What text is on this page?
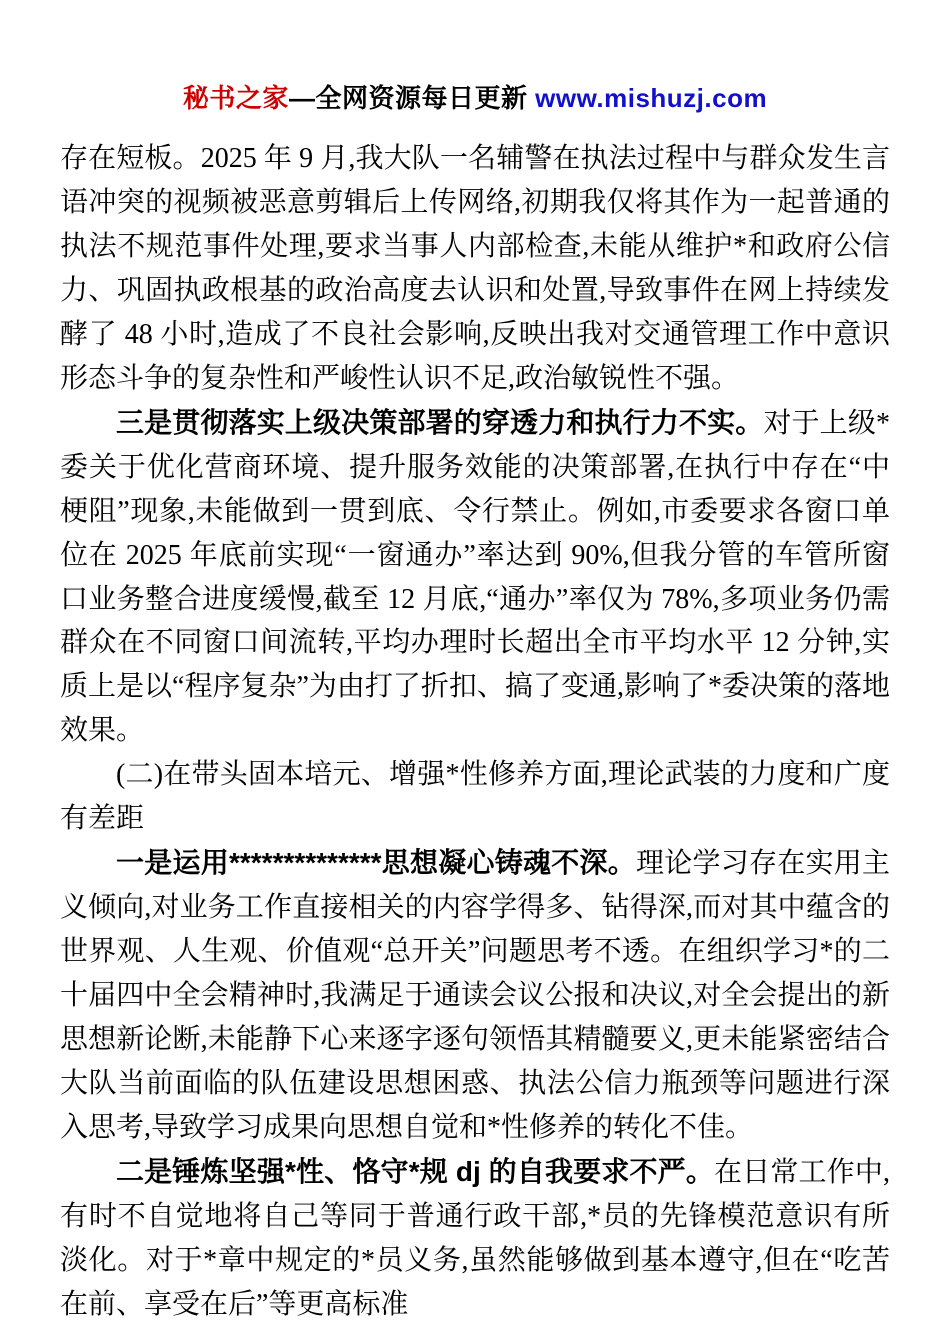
秘书之家—全网资源每日更新 www.mishuzj.com

存在短板。2025 年 9 月,我大队一名辅警在执法过程中与群众发生言语冲突的视频被恶意剪辑后上传网络,初期我仅将其作为一起普通的执法不规范事件处理,要求当事人内部检查,未能从维护*和政府公信力、巩固执政根基的政治高度去认识和处置,导致事件在网上持续发酵了 48 小时,造成了不良社会影响,反映出我对交通管理工作中意识形态斗争的复杂性和严峻性认识不足,政治敏锐性不强。

三是贯彻落实上级决策部署的穿透力和执行力不实。对于上级*委关于优化营商环境、提升服务效能的决策部署,在执行中存在“中梗阻”现象,未能做到一贯到底、令行禁止。例如,市委要求各窗口单位在 2025 年底前实现“一窗通办”率达到 90%,但我分管的车管所窗口业务整合进度缓慢,截至 12 月底,“通办”率仅为 78%,多项业务仍需群众在不同窗口间流转,平均办理时长超出全市平均水平 12 分钟,实质上是以“程序复杂”为由打了折扣、搞了变通,影响了*委决策的落地效果。

(二)在带头固本培元、增强*性修养方面,理论武装的力度和广度有差距

一是运用**************思想凝心铸魂不深。理论学习存在实用主义倾向,对业务工作直接相关的内容学得多、钻得深,而对其中蕴含的世界观、人生观、价值观“总开关”问题思考不透。在组织学习*的二十届四中全会精神时,我满足于通读会议公报和决议,对全会提出的新思想新论断,未能静下心来逐字逐句领悟其精髓要义,更未能紧密结合大队当前面临的队伍建设思想困惑、执法公信力瓶颈等问题进行深入思考,导致学习成果向思想自觉和*性修养的转化不佳。

二是锤炼坚强*性、恪守*规 dj 的自我要求不严。在日常工作中,有时不自觉地将自己等同于普通行政干部,*员的先锋模范意识有所淡化。对于*章中规定的*员义务,虽然能够做到基本遵守,但在“吃苦在前、享受在后”等更高标准
